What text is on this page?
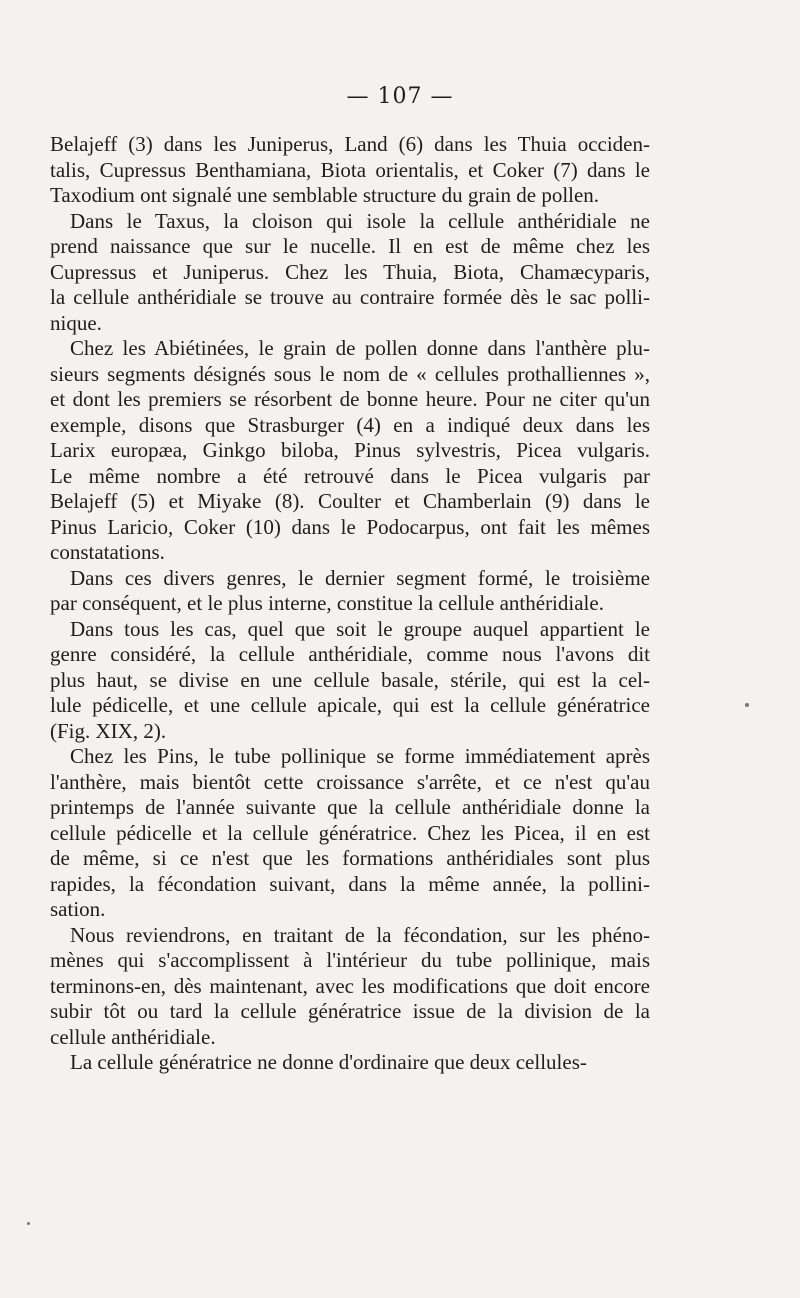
— 107 —
Belajeff (3) dans les Juniperus, Land (6) dans les Thuia occiden-
talis, Cupressus Benthamiana, Biota orientalis, et Coker (7) dans le
Taxodium ont signalé une semblable structure du grain de pollen.
Dans le Taxus, la cloison qui isole la cellule anthéridiale ne
prend naissance que sur le nucelle. Il en est de même chez les
Cupressus et Juniperus. Chez les Thuia, Biota, Chamæcyparis,
la cellule anthéridiale se trouve au contraire formée dès le sac polli-
nique.
Chez les Abiétinées, le grain de pollen donne dans l'anthère plu-
sieurs segments désignés sous le nom de « cellules prothalliennes »,
et dont les premiers se résorbent de bonne heure. Pour ne citer qu'un
exemple, disons que Strasburger (4) en a indiqué deux dans les
Larix europæa, Ginkgo biloba, Pinus sylvestris, Picea vulgaris.
Le même nombre a été retrouvé dans le Picea vulgaris par
Belajeff (5) et Miyake (8). Coulter et Chamberlain (9) dans le
Pinus Laricio, Coker (10) dans le Podocarpus, ont fait les mêmes
constatations.
Dans ces divers genres, le dernier segment formé, le troisième
par conséquent, et le plus interne, constitue la cellule anthéridiale.
Dans tous les cas, quel que soit le groupe auquel appartient le
genre considéré, la cellule anthéridiale, comme nous l'avons dit
plus haut, se divise en une cellule basale, stérile, qui est la cel-
lule pédicelle, et une cellule apicale, qui est la cellule génératrice
(Fig. XIX, 2).
Chez les Pins, le tube pollinique se forme immédiatement après
l'anthère, mais bientôt cette croissance s'arrête, et ce n'est qu'au
printemps de l'année suivante que la cellule anthéridiale donne la
cellule pédicelle et la cellule génératrice. Chez les Picea, il en est
de même, si ce n'est que les formations anthéridiales sont plus
rapides, la fécondation suivant, dans la même année, la pollini-
sation.
Nous reviendrons, en traitant de la fécondation, sur les phéno-
mènes qui s'accomplissent à l'intérieur du tube pollinique, mais
terminons-en, dès maintenant, avec les modifications que doit encore
subir tôt ou tard la cellule génératrice issue de la division de la
cellule anthéridiale.
La cellule génératrice ne donne d'ordinaire que deux cellules-
